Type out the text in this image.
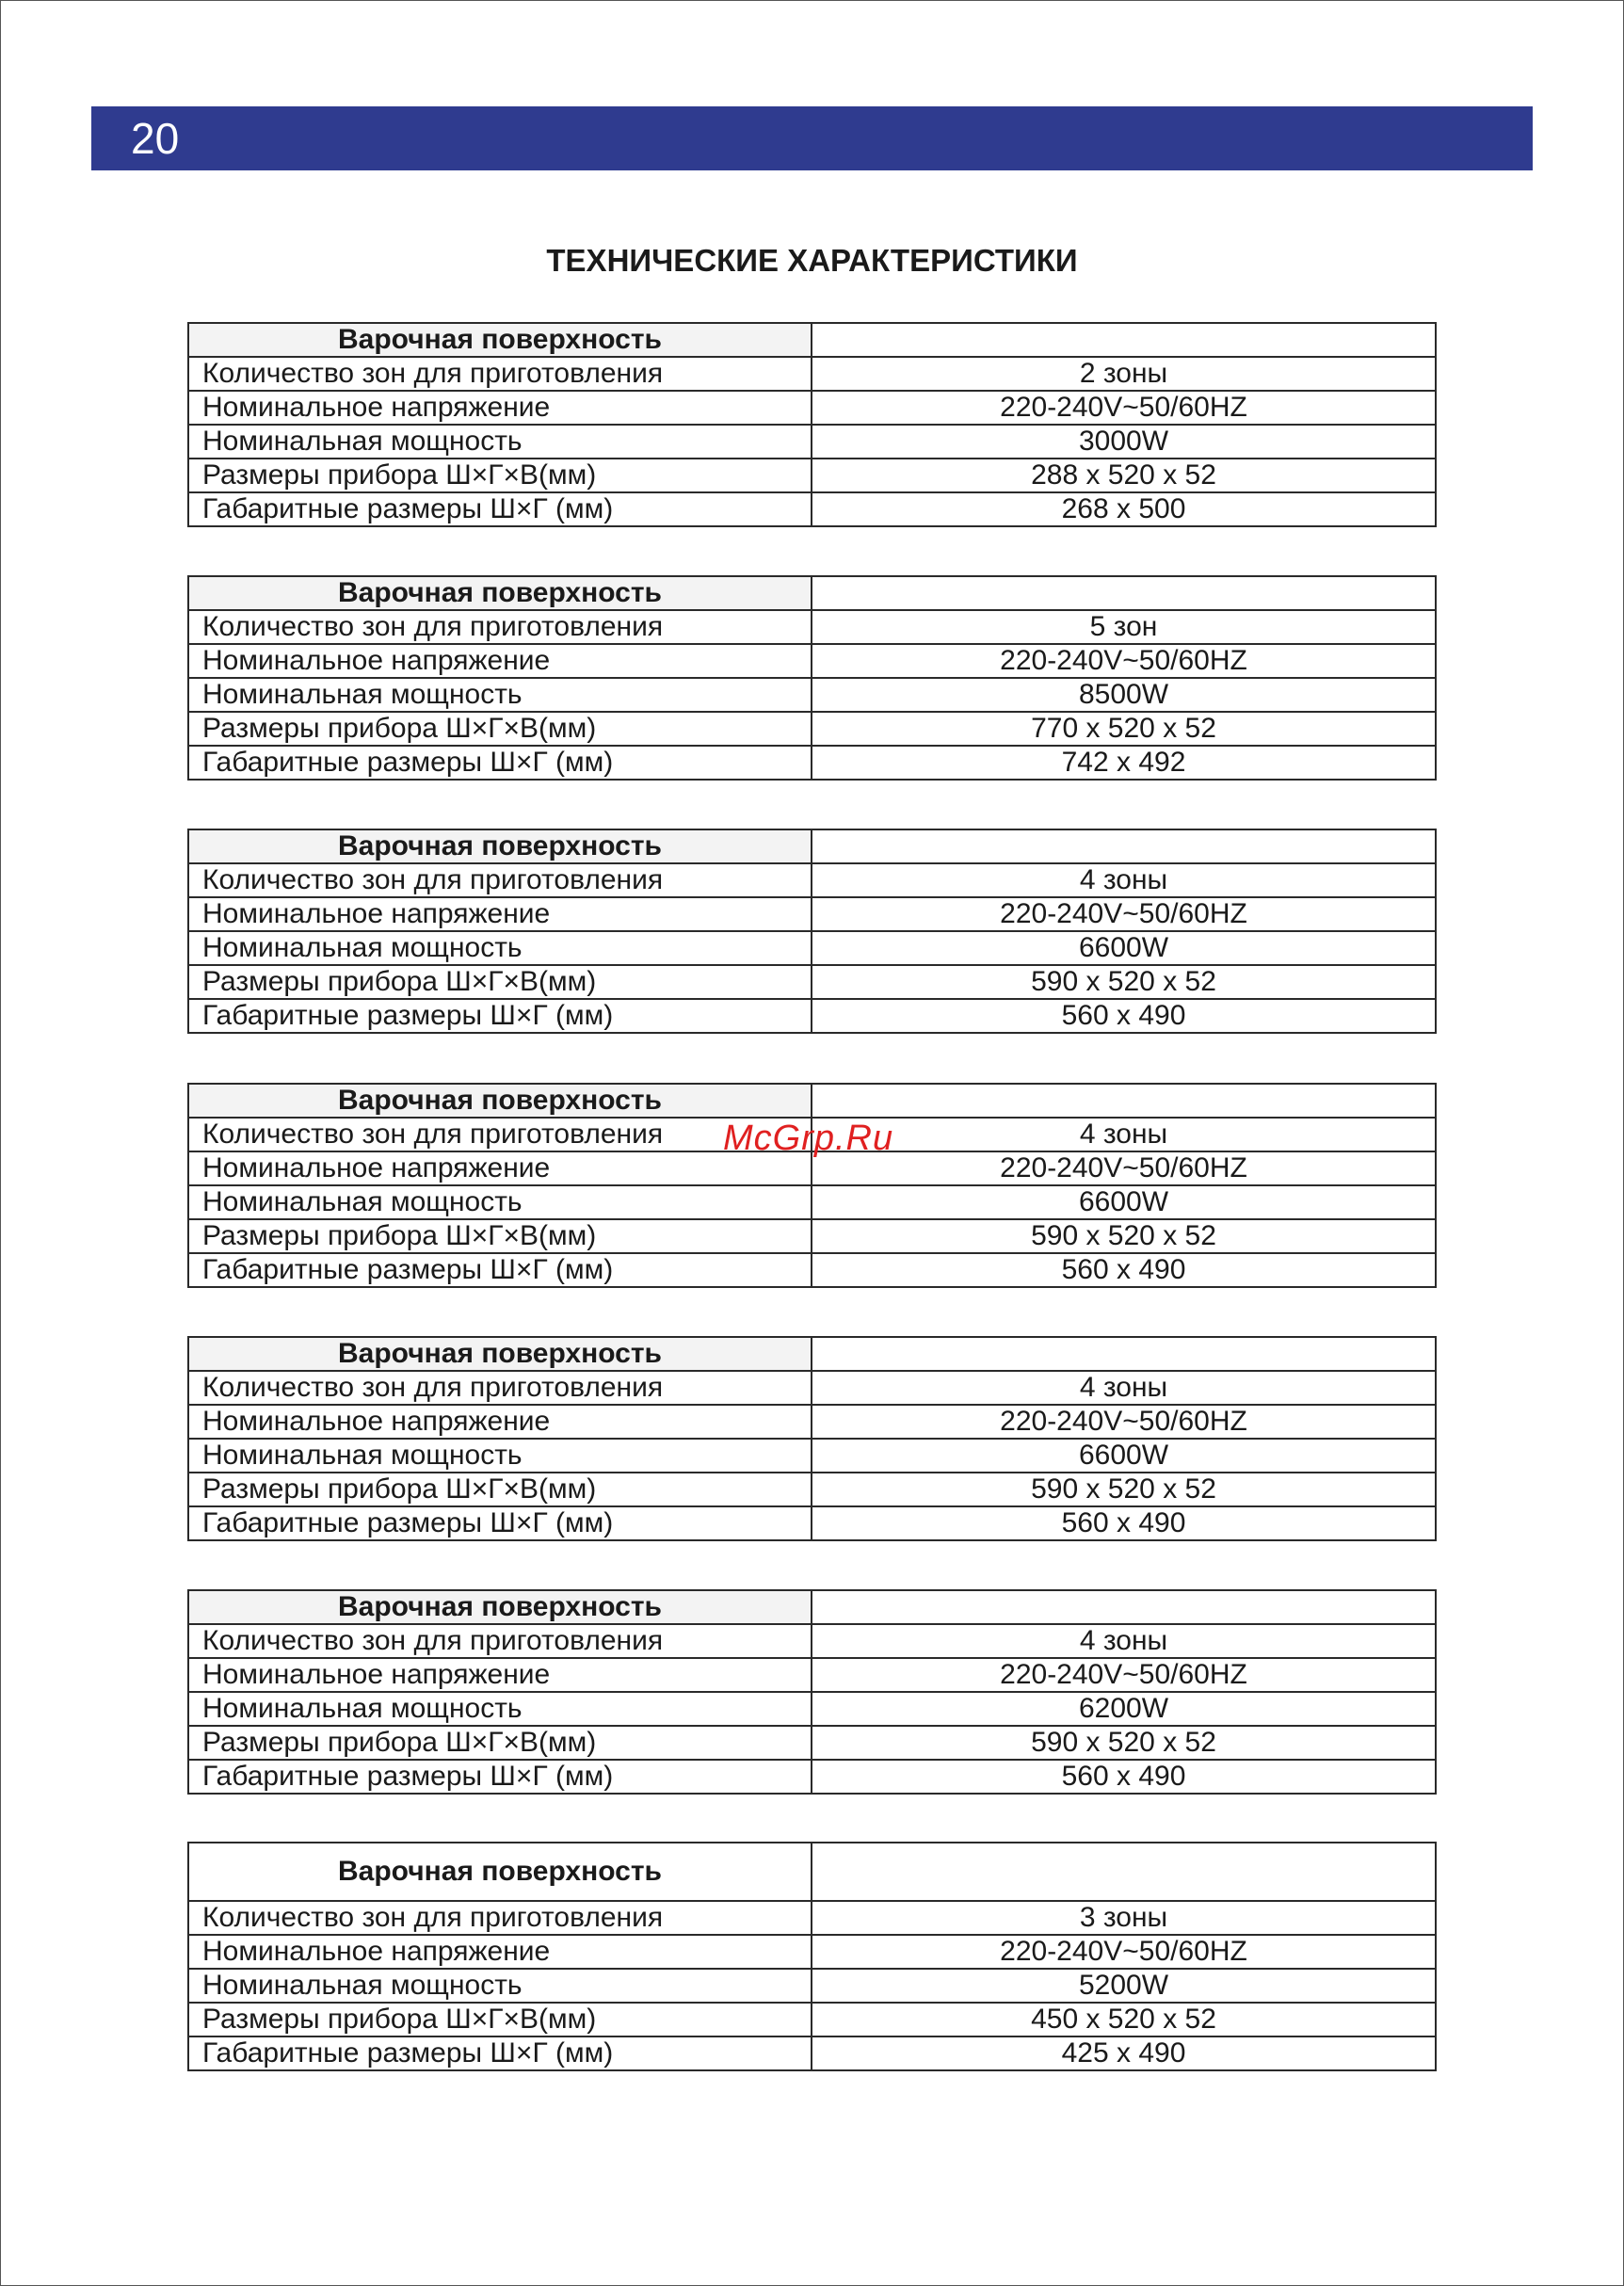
20
ТЕХНИЧЕСКИЕ ХАРАКТЕРИСТИКИ
Варочная поверхность	
Количество зон для приготовления	2 зоны
Номинальное напряжение	220-240V~50/60HZ
Номинальная мощность	3000W
Размеры прибора Ш×Г×В(мм)	288 x 520 x 52
Габаритные размеры Ш×Г (мм)	268 x 500
Варочная поверхность	
Количество зон для приготовления	5 зон
Номинальное напряжение	220-240V~50/60HZ
Номинальная мощность	8500W
Размеры прибора Ш×Г×В(мм)	770 x 520 x 52
Габаритные размеры Ш×Г (мм)	742 x 492
Варочная поверхность	
Количество зон для приготовления	4 зоны
Номинальное напряжение	220-240V~50/60HZ
Номинальная мощность	6600W
Размеры прибора Ш×Г×В(мм)	590 x 520 x 52
Габаритные размеры Ш×Г (мм)	560 x 490
Варочная поверхность	
Количество зон для приготовления	4 зоны
Номинальное напряжение	220-240V~50/60HZ
Номинальная мощность	6600W
Размеры прибора Ш×Г×В(мм)	590 x 520 x 52
Габаритные размеры Ш×Г (мм)	560 x 490
Варочная поверхность	
Количество зон для приготовления	4 зоны
Номинальное напряжение	220-240V~50/60HZ
Номинальная мощность	6600W
Размеры прибора Ш×Г×В(мм)	590 x 520 x 52
Габаритные размеры Ш×Г (мм)	560 x 490
Варочная поверхность	
Количество зон для приготовления	4 зоны
Номинальное напряжение	220-240V~50/60HZ
Номинальная мощность	6200W
Размеры прибора Ш×Г×В(мм)	590 x 520 x 52
Габаритные размеры Ш×Г (мм)	560 x 490
Варочная поверхность	
Количество зон для приготовления	3 зоны
Номинальное напряжение	220-240V~50/60HZ
Номинальная мощность	5200W
Размеры прибора Ш×Г×В(мм)	450 x 520 x 52
Габаритные размеры Ш×Г (мм)	425 x 490
McGrp.Ru
